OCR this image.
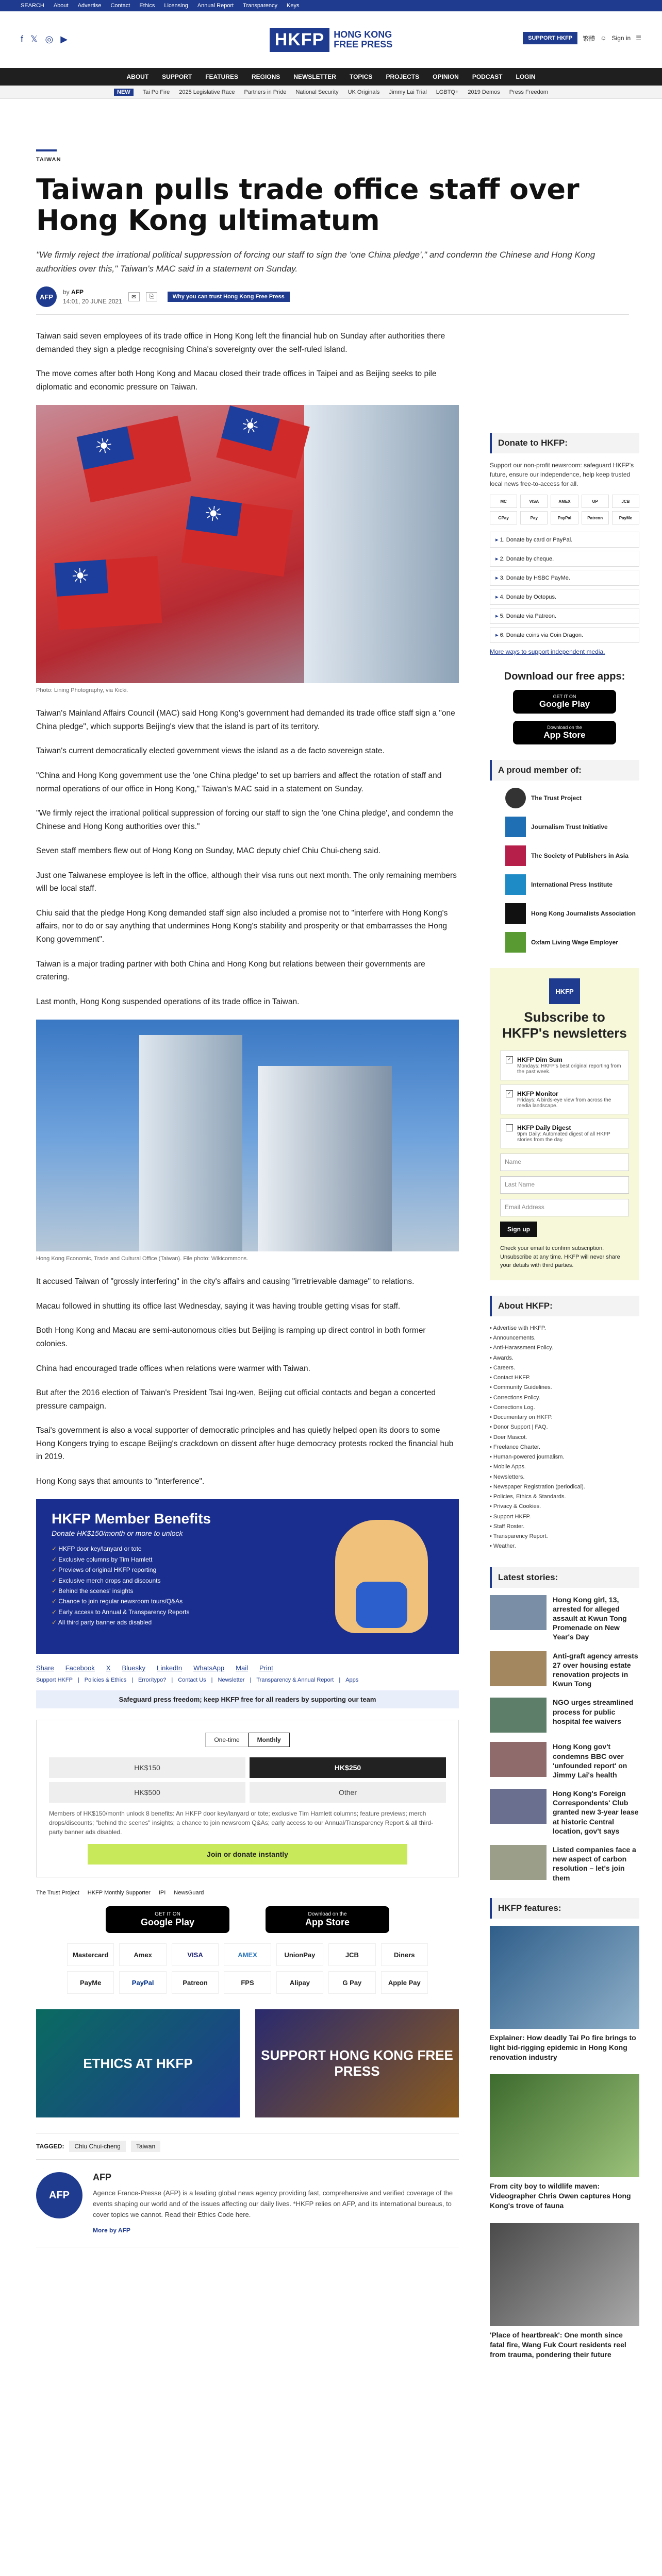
SEARCH About Advertise Contact Ethics Licensing Annual Report Transparency Keys
f 𝕏 ◎ ▶	HKFP	HONG KONG
FREE PRESS
SUPPORT HKFP	繁體 ☺ Sign in ☰
ABOUT SUPPORT FEATURES REGIONS NEWSLETTER TOPICS PROJECTS OPINION PODCAST LOGIN
NEW	Tai Po Fire 2025 Legislative Race Partners in Pride National Security UK Originals Jimmy Lai Trial LGBTQ+ 2019 Demos Press Freedom
TAIWAN
Taiwan pulls trade office staff over Hong Kong ultimatum
"We firmly reject the irrational political suppression of forcing our staff to sign the 'one China pledge'," and condemn the Chinese and Hong Kong authorities over this," Taiwan's MAC said in a statement on Sunday.
AFP
by AFP
14:01, 20 JUNE 2021
✉	⎘	Why you can trust Hong Kong Free Press

Taiwan said seven employees of its trade office in Hong Kong left the financial hub on Sunday after authorities there demanded they sign a pledge recognising China's sovereignty over the self-ruled island.

The move comes after both Hong Kong and Macau closed their trade offices in Taipei and as Beijing seeks to pile diplomatic and economic pressure on Taiwan.

☀
☀
☀
☀
Photo: Lining Photography, via Kicki.

Taiwan's Mainland Affairs Council (MAC) said Hong Kong's government had demanded its trade office staff sign a "one China pledge", which supports Beijing's view that the island is part of its territory.

Taiwan's current democratically elected government views the island as a de facto sovereign state.

"China and Hong Kong government use the 'one China pledge' to set up barriers and affect the rotation of staff and normal operations of our office in Hong Kong," Taiwan's MAC said in a statement on Sunday.

"We firmly reject the irrational political suppression of forcing our staff to sign the 'one China pledge', and condemn the Chinese and Hong Kong authorities over this."

Seven staff members flew out of Hong Kong on Sunday, MAC deputy chief Chiu Chui-cheng said.

Just one Taiwanese employee is left in the office, although their visa runs out next month. The only remaining members will be local staff.

Chiu said that the pledge Hong Kong demanded staff sign also included a promise not to "interfere with Hong Kong's affairs, nor to do or say anything that undermines Hong Kong's stability and prosperity or that embarrasses the Hong Kong government".

Taiwan is a major trading partner with both China and Hong Kong but relations between their governments are cratering.

Last month, Hong Kong suspended operations of its trade office in Taiwan.

Hong Kong Economic, Trade and Cultural Office (Taiwan). File photo: Wikicommons.

It accused Taiwan of "grossly interfering" in the city's affairs and causing "irretrievable damage" to relations.

Macau followed in shutting its office last Wednesday, saying it was having trouble getting visas for staff.

Both Hong Kong and Macau are semi-autonomous cities but Beijing is ramping up direct control in both former colonies.

China had encouraged trade offices when relations were warmer with Taiwan.

But after the 2016 election of Taiwan's President Tsai Ing-wen, Beijing cut official contacts and began a concerted pressure campaign.

Tsai's government is also a vocal supporter of democratic principles and has quietly helped open its doors to some Hong Kongers trying to escape Beijing's crackdown on dissent after huge democracy protests rocked the financial hub in 2019.

Hong Kong says that amounts to "interference".

HKFP Member Benefits
Donate HK$150/month or more to unlock
✓ HKFP door key/lanyard or tote
✓ Exclusive columns by Tim Hamlett
✓ Previews of original HKFP reporting
✓ Exclusive merch drops and discounts
✓ Behind the scenes' insights
✓ Chance to join regular newsroom tours/Q&As
✓ Early access to Annual & Transparency Reports
✓ All third party banner ads disabled
Share Facebook X Bluesky LinkedIn WhatsApp Mail Print
Support HKFP | Policies & Ethics | Error/typo? | Contact Us | Newsletter | Transparency & Annual Report | Apps
Safeguard press freedom; keep HKFP free for all readers by supporting our team
One-time	Monthly
HK$150	HK$250
HK$500	Other
Members of HK$150/month unlock 8 benefits: An HKFP door key/lanyard or tote; exclusive Tim Hamlett columns; feature previews; merch drops/discounts; "behind the scenes" insights; a chance to join newsroom Q&As; early access to our Annual/Transparency Report & all third-party banner ads disabled.
Join or donate instantly
The Trust Project HKFP Monthly Supporter IPI NewsGuard
GET IT ON
Google Play
Download on the
App Store
Mastercard	Amex	VISA	AMEX	UnionPay	JCB	Diners
PayMe	PayPal	Patreon	FPS	Alipay	G Pay	Apple Pay
ETHICS AT HKFP
SUPPORT HONG KONG FREE PRESS
TAGGED:	Chiu Chui-cheng	Taiwan
AFP
AFP

Agence France-Presse (AFP) is a leading global news agency providing fast, comprehensive and verified coverage of the events shaping our world and of the issues affecting our daily lives. *HKFP relies on AFP, and its international bureaus, to cover topics we cannot. Read their Ethics Code here.

More by AFP
Donate to HKFP:
Support our non-profit newsroom: safeguard HKFP's future, ensure our independence, help keep trusted local news free-to-access for all.
MC	VISA	AMEX	UP	JCB
GPay	Pay	PayPal	Patreon	PayMe
▸ 1. Donate by card or PayPal.
▸ 2. Donate by cheque.
▸ 3. Donate by HSBC PayMe.
▸ 4. Donate by Octopus.
▸ 5. Donate via Patreon.
▸ 6. Donate coins via Coin Dragon.
More ways to support independent media.
Download our free apps:
GET IT ON
Google Play
Download on the
App Store
A proud member of:
The Trust Project
Journalism Trust Initiative
The Society of Publishers in Asia
International Press Institute
Hong Kong Journalists Association
Oxfam Living Wage Employer
HKFP
Subscribe to HKFP's newsletters
✓ HKFP Dim Sum
Mondays: HKFP's best original reporting from the past week.
✓ HKFP Monitor
Fridays: A birds-eye view from across the media landscape.
HKFP Daily Digest
9pm Daily: Automated digest of all HKFP stories from the day.
Name
Last Name
Email Address
Sign up
Check your email to confirm subscription. Unsubscribe at any time. HKFP will never share your details with third parties.
About HKFP:
• Advertise with HKFP.
• Announcements.
• Anti-Harassment Policy.
• Awards.
• Careers.
• Contact HKFP.
• Community Guidelines.
• Corrections Policy.
• Corrections Log.
• Documentary on HKFP.
• Donor Support | FAQ.
• Doer Mascot.
• Freelance Charter.
• Human-powered journalism.
• Mobile Apps.
• Newsletters.
• Newspaper Registration (periodical).
• Policies, Ethics & Standards.
• Privacy & Cookies.
• Support HKFP.
• Staff Roster.
• Transparency Report.
• Weather.
Latest stories:
Hong Kong girl, 13, arrested for alleged assault at Kwun Tong Promenade on New Year's Day
Anti-graft agency arrests 27 over housing estate renovation projects in Kwun Tong
NGO urges streamlined process for public hospital fee waivers
Hong Kong gov't condemns BBC over 'unfounded report' on Jimmy Lai's health
Hong Kong's Foreign Correspondents' Club granted new 3-year lease at historic Central location, gov't says
Listed companies face a new aspect of carbon resolution – let's join them
HKFP features:
Explainer: How deadly Tai Po fire brings to light bid-rigging epidemic in Hong Kong renovation industry
From city boy to wildlife maven: Videographer Chris Owen captures Hong Kong's trove of fauna
'Place of heartbreak': One month since fatal fire, Wang Fuk Court residents reel from trauma, pondering their future
